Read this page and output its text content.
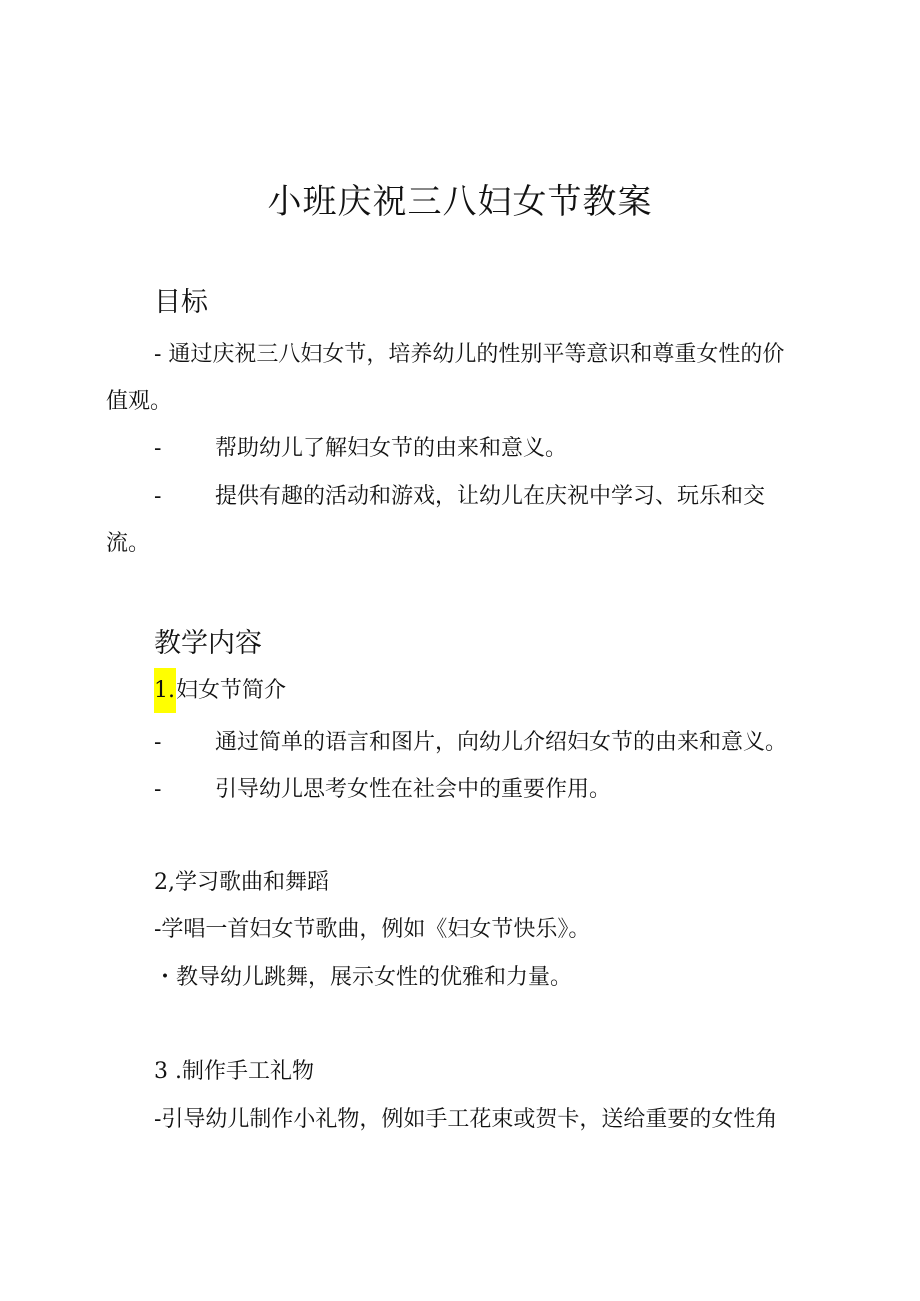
小班庆祝三八妇女节教案
目标
- 通过庆祝三八妇女节，培养幼儿的性别平等意识和尊重女性的价
值观。
- 帮助幼儿了解妇女节的由来和意义。
- 提供有趣的活动和游戏，让幼儿在庆祝中学习、玩乐和交
流。
教学内容
1.妇女节简介
- 通过简单的语言和图片，向幼儿介绍妇女节的由来和意义。
- 引导幼儿思考女性在社会中的重要作用。
2,学习歌曲和舞蹈
-学唱一首妇女节歌曲，例如《妇女节快乐》。
・教导幼儿跳舞，展示女性的优雅和力量。
3 .制作手工礼物
-引导幼儿制作小礼物，例如手工花束或贺卡，送给重要的女性角
